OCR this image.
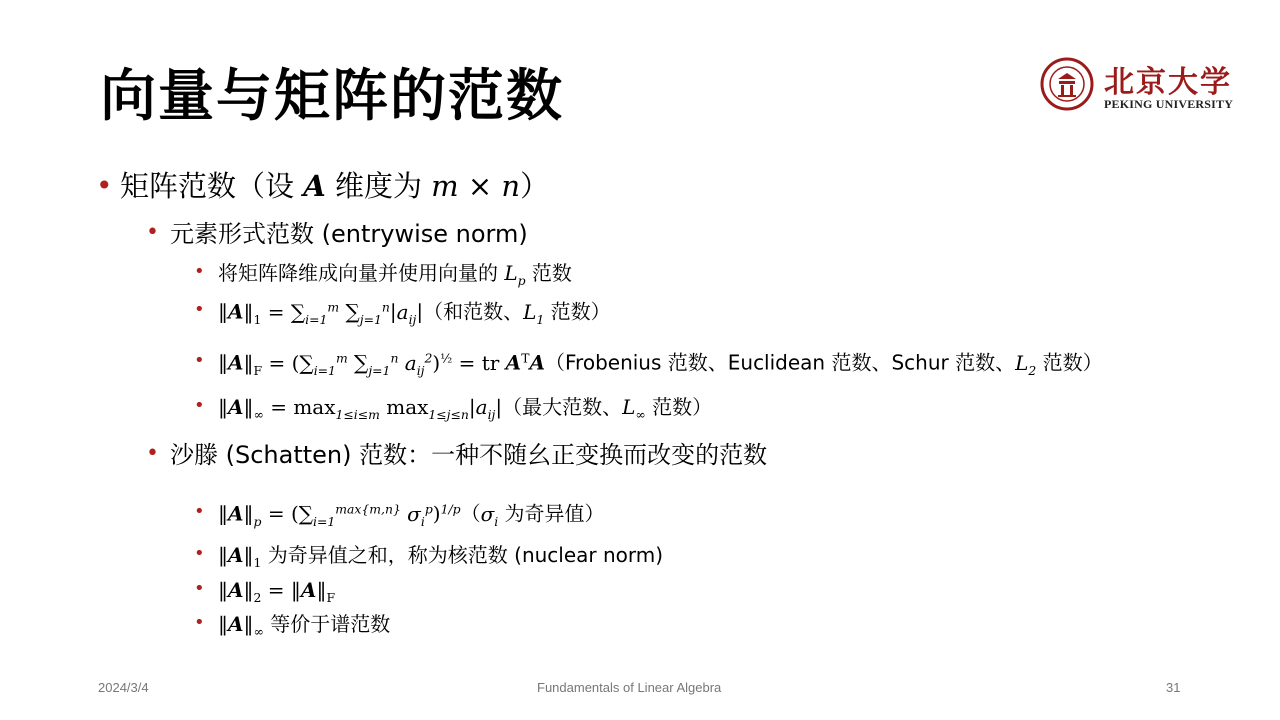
向量与矩阵的范数	北京大学
PEKING UNIVERSITY
• 矩阵范数（设 A 维度为 m × n）
• 元素形式范数 (entrywise norm)
• 将矩阵降维成向量并使用向量的 $L_p$ 范数
• $‖A‖_1 = \sum_{i=1}^m$ $\sum_{j=1}^n|a_{ij}|$（和范数、$L_1$ 范数）
• $‖A‖_F = (\sum_{i=1}^m$ $\sum_{j=1}^n$ $a_{ij}^2)^{\frac{1}{2}}$ = tr $A^TA(Frobenius$ 范数、Euclidean 范数、Schur 范数、$L_2$ 范数）
• $‖A‖_\infty = \max_{1\le i\le m} \max_{1\le j\le n}|a_{ij}|$（最大范数、$L_\infty$ 范数）
• 沙滕 (Schatten) 范数：一种不随幺正变换而改变的范数
• $‖A‖_p = (\sum_{i=1}^{max\{m,n\}}$ $\sigma_i^p)^{1/p}(\sigma_i$ 为奇异值）
• $‖A‖_1$ 为奇异值之和，称为核范数 (nuclear norm)
• $‖A‖_2$ = $‖A‖_F$
• $‖A‖_\infty$ 等价于谱范数
2024/3/4	Fundamentals of Linear Algebra	31
